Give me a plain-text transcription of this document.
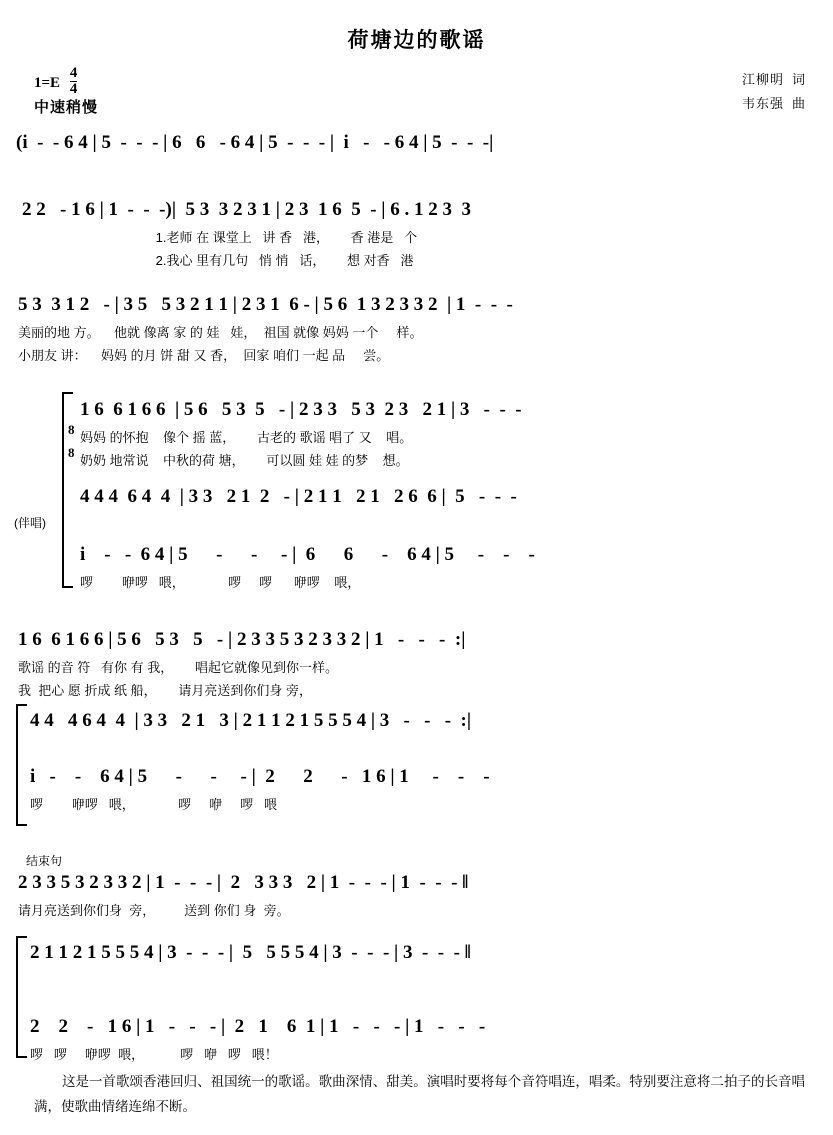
荷塘边的歌谣
$1=E \frac{4}{4}$
中速稍慢
江柳明 词
韦东强 曲
(i  -  - 6 4 | 5  -  -  - | 6   6   - 6 4 | 5  -  -  - |  i   -   - 6 4 | 5  -  -  -|
2 2   - 1 6 | 1  -  -  -)|  5 3  3 2 3 1 | 2 3  1 6  5  - | 6 . 1 2 3  3
1.老师 在 课堂上   讲 香   港，      香 港是   个
2.我心 里有几句   悄 悄   话，      想 对香   港
5 3  3 1 2   - | 3 5   5 3 2 1 1 | 2 3 1  6 - | 5 6  1 3 2 3 3 2  | 1  -  -  -
美丽的地 方。    他就 像离 家 的 娃   娃，  祖国 就像 妈妈 一个     样。
小朋友 讲：    妈妈 的月 饼 甜 又 香，  回家 咱们 一起 品     尝。
1 6  6 1 6 6  | 5 6   5 3  5   - | 2 3 3   5 3  2 3   2 1 | 3   -  -  -
妈妈 的怀抱    像个 摇 蓝，      古老的 歌谣 唱了 又    唱。
奶奶 地常说    中秋的荷 塘，      可以圆 娃 娃 的梦    想。
8
8
4 4 4  6 4  4  | 3 3   2 1  2   - | 2 1 1   2 1   2 6  6 |  5   -  -  -
(伴唱)
i    -   -  6 4 | 5      -      -     - |  6      6      -    6 4 | 5     -    -    -
啰        咿啰   喂，            啰     啰      咿啰    喂，
1 6  6 1 6 6 | 5 6   5 3   5   - | 2 3 3 5 3 2 3 3 2 | 1   -   -   -  :|
歌谣 的音 符   有你 有 我，      唱起它就像见到你一样。
我  把心 愿 折成 纸 船，      请月亮送到你们身 旁，
4 4   4 6 4  4  | 3 3   2 1   3 | 2 1 1 2 1 5 5 5 4 | 3   -   -   -  :|
i   -    -    6 4 | 5      -      -     - |  2      2      -   1 6 | 1     -    -    -
啰        咿啰   喂，            啰     咿     啰   喂
结束句
2 3 3 5 3 2 3 3 2 | 1  -  -  - |  2   3 3 3   2 | 1  -  -  - | 1  -  -  - ‖
请月亮送到你们身  旁，        送到 你们 身  旁。
2 1 1 2 1 5 5 5 4 | 3  -  -  - |  5   5 5 5 4 | 3  -  -  - | 3  -  -  - ‖
2    2    -   1 6 | 1   -   -   - |  2   1    6  1 | 1   -   -   - | 1   -   -   -
啰   啰     咿啰  喂，          啰   咿   啰   喂！
这是一首歌颂香港回归、祖国统一的歌谣。歌曲深情、甜美。演唱时要将每个音符唱连，唱柔。特别要注意将二拍子的长音唱满，使歌曲情绪连绵不断。
